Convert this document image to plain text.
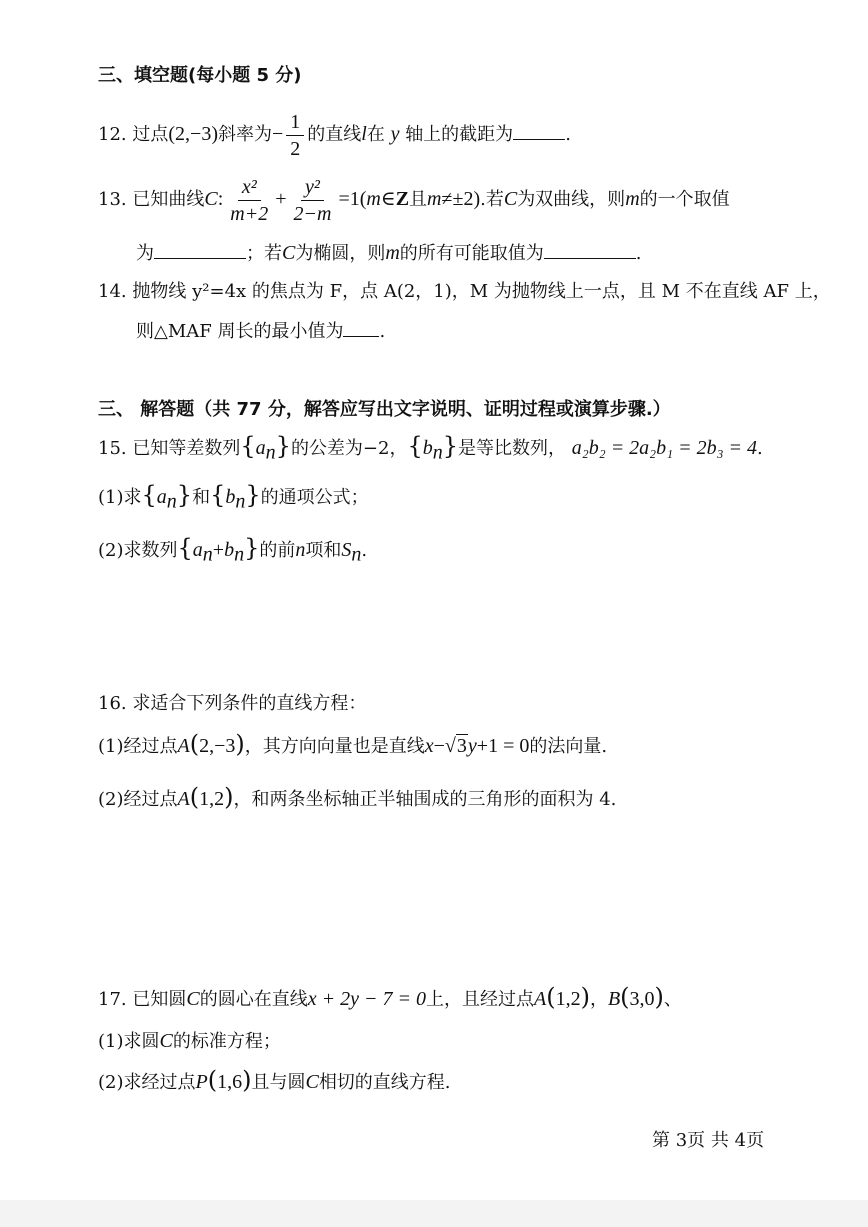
三、填空题(每小题 5 分)
12. 过点(2,−3)斜率为− $\frac{1}{2}$ 的直线l在 y 轴上的截距为	.
13. 已知曲线C: $\frac{\text{x²}}{m+2} + \frac{\text{y²}}{2-m}$ =1(m∈Z且m≠±2).若C为双曲线，则m的一个取值
为	；若C为椭圆，则m的所有可能取值为	.
14. 抛物线 y²=4x 的焦点为 F，点 A(2，1)，M 为抛物线上一点，且 M 不在直线 AF 上，
则△MAF 周长的最小值为 .
三、 解答题（共 77 分，解答应写出文字说明、证明过程或演算步骤.）
15. 已知等差数列$\{a_n\}$的公差为−2，$\{b_n\}$是等比数列， a₂b₂ = 2a₂b₁ = 2b₃ = 4.
(1)求$\{a_n\}$和$\{b_n\}$的通项公式；
(2)求数列$\{a_n+b_n\}$的前n项和$S_n$.
16. 求适合下列条件的直线方程：
(1)经过点A(2,−3)，其方向向量也是直线x−√3y+1 = 0的法向量.
(2)经过点A(1,2)，和两条坐标轴正半轴围成的三角形的面积为 4.
17. 已知圆C的圆心在直线x + 2y − 7 = 0上，且经过点A(1,2)，B(3,0)、
(1)求圆C的标准方程；
(2)求经过点P(1,6)且与圆C相切的直线方程.
第 3页 共 4页
